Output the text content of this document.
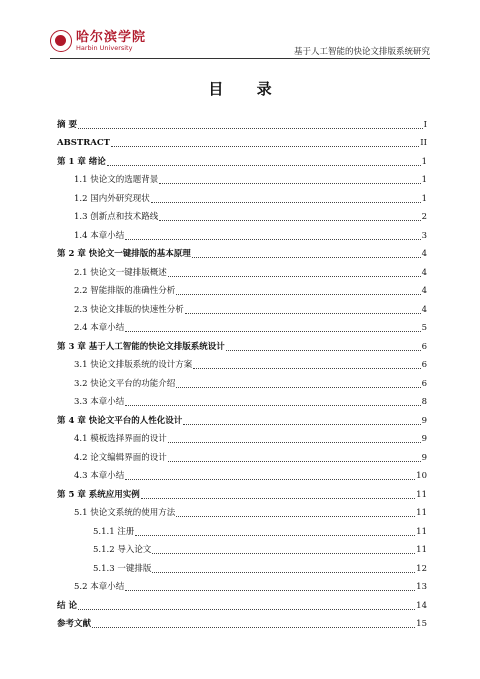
哈尔滨学院
Harbin University	基于人工智能的快论文排版系统研究
目 录
摘 要	I
ABSTRACT	II
第 1 章 绪论	1
1.1 快论文的选题背景	1
1.2 国内外研究现状	1
1.3 创新点和技术路线	2
1.4 本章小结	3
第 2 章 快论文一键排版的基本原理	4
2.1 快论文一键排版概述	4
2.2 智能排版的准确性分析	4
2.3 快论文排版的快速性分析	4
2.4 本章小结	5
第 3 章 基于人工智能的快论文排版系统设计	6
3.1 快论文排版系统的设计方案	6
3.2 快论文平台的功能介绍	6
3.3 本章小结	8
第 4 章 快论文平台的人性化设计	9
4.1 模板选择界面的设计	9
4.2 论文编辑界面的设计	9
4.3 本章小结	10
第 5 章 系统应用实例	11
5.1 快论文系统的使用方法	11
5.1.1 注册	11
5.1.2 导入论文	11
5.1.3 一键排版	12
5.2 本章小结	13
结 论	14
参考文献	15
